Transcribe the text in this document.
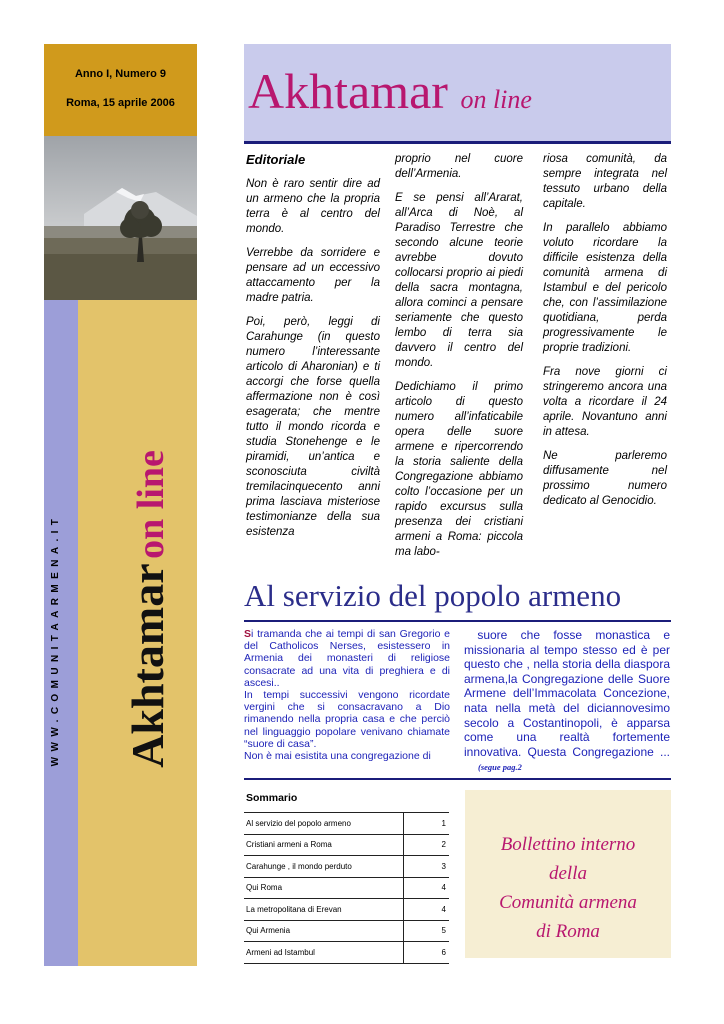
Anno I, Numero 9
Roma, 15 aprile 2006
WWW.COMUNITAARMENA.IT Akhtamar on line
Akhtamar on line
Editoriale

Non è raro sentir dire ad un armeno che la propria terra è al centro del mondo.

Verrebbe da sorridere e pensare ad un eccessivo attaccamento per la madre patria.

Poi, però, leggi di Carahunge (in questo numero l’interessante articolo di Aharonian) e ti accorgi che forse quella affermazione non è così esagerata; che mentre tutto il mondo ricorda e studia Stonehenge e le piramidi, un’antica e sconosciuta civiltà tremilacinquecento anni prima lasciava misteriose testimonianze della sua esistenza

proprio nel cuore dell’Armenia.

E se pensi all’Ararat, all’Arca di Noè, al Paradiso Terrestre che secondo alcune teorie avrebbe dovuto collocarsi proprio ai piedi della sacra montagna, allora cominci a pensare seriamente che questo lembo di terra sia davvero il centro del mondo.

Dedichiamo il primo articolo di questo numero all’infaticabile opera delle suore armene e ripercorrendo la storia saliente della Congregazione abbiamo colto l’occasione per un rapido excursus sulla presenza dei cristiani armeni a Roma: piccola ma labo-

riosa comunità, da sempre integrata nel tessuto urbano della capitale.

In parallelo abbiamo voluto ricordare la difficile esistenza della comunità armena di Istambul e del pericolo che, con l’assimilazione quotidiana, perda progressivamente le proprie tradizioni.

Fra nove giorni ci stringeremo ancora una volta a ricordare il 24 aprile. Novantuno anni in attesa.

Ne parleremo diffusamente nel prossimo numero dedicato al Genocidio.

Al servizio del popolo armeno

Si tramanda che ai tempi di san Gregorio e del Catholicos Nerses, esistessero in Armenia dei monasteri di religiose consacrate ad una vita di preghiera e di ascesi..

In tempi successivi vengono ricordate vergini che si consacravano a Dio rimanendo nella propria casa e che perciò nel linguaggio popolare venivano chiamate “suore di casa”.

Non è mai esistita una congregazione di

suore che fosse monastica e missionaria al tempo stesso ed è per questo che , nella storia della diaspora armena,la Congregazione delle Suore Armene dell’Immacolata Concezione, nata nella metà del diciannovesimo secolo a Costantinopoli, è apparsa come una realtà fortemente innovativa. Questa Congregazione ...(segue pag.2

Sommario
Al servizio del popolo armeno	1
Cristiani armeni a Roma	2
Carahunge , il mondo perduto	3
Qui Roma	4
La metropolitana di Erevan	4
Qui Armenia	5
Armeni ad Istambul	6
Bollettino interno
della
Comunità armena
di Roma
